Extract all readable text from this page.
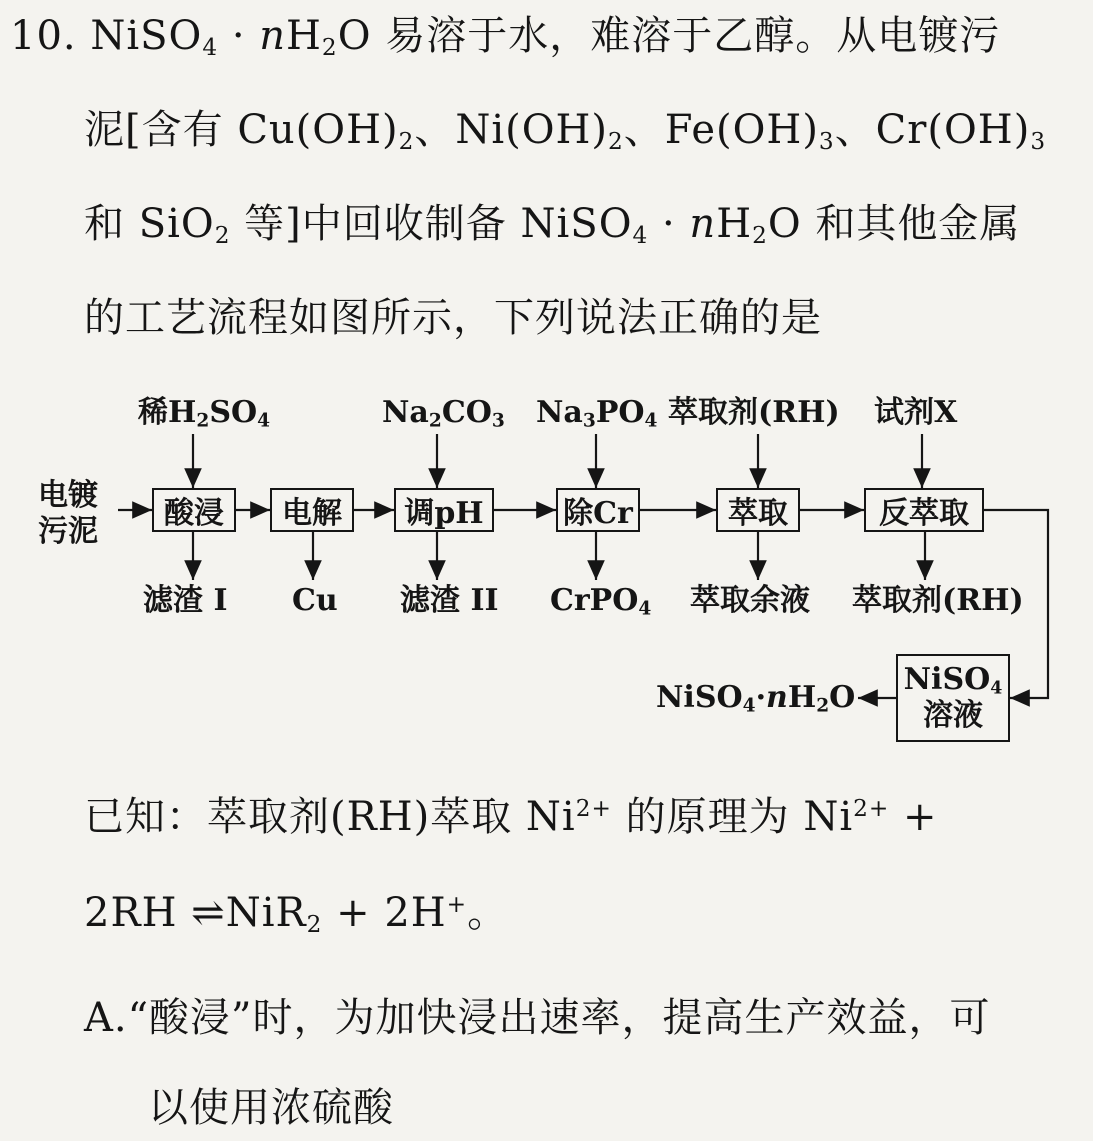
10. NiSO$_4$ · $nH_2O$ 易溶于水，难溶于乙醇。从电镀污
泥[含有 $Cu(OH)_2$、$Ni(OH)_2$、$Fe(OH)_3$、$Cr(OH)_3$
和 SiO$_2$ 等]中回收制备 NiSO$_4$ · $nH_2O$ 和其他金属
的工艺流程如图所示，下列说法正确的是
电镀
污泥
稀$H_2SO_4$	$Na_2CO_3$ $Na_3PO_4$ 萃取剂(RH) 试剂X
酸浸	电解	调pH	除Cr	萃取	反萃取
滤渣 I Cu 滤渣 II CrPO$_4$ 萃取余液 萃取剂(RH)
NiSO$_4$
溶液
$NiSO_4\cdot nH_2O$
已知：萃取剂(RH)萃取 $Ni^{2+}$ 的原理为 $Ni^{2+}$ +
2RH ⇌NiR$_2$ + 2H+。
A.“酸浸”时，为加快浸出速率，提高生产效益，可
以使用浓硫酸
